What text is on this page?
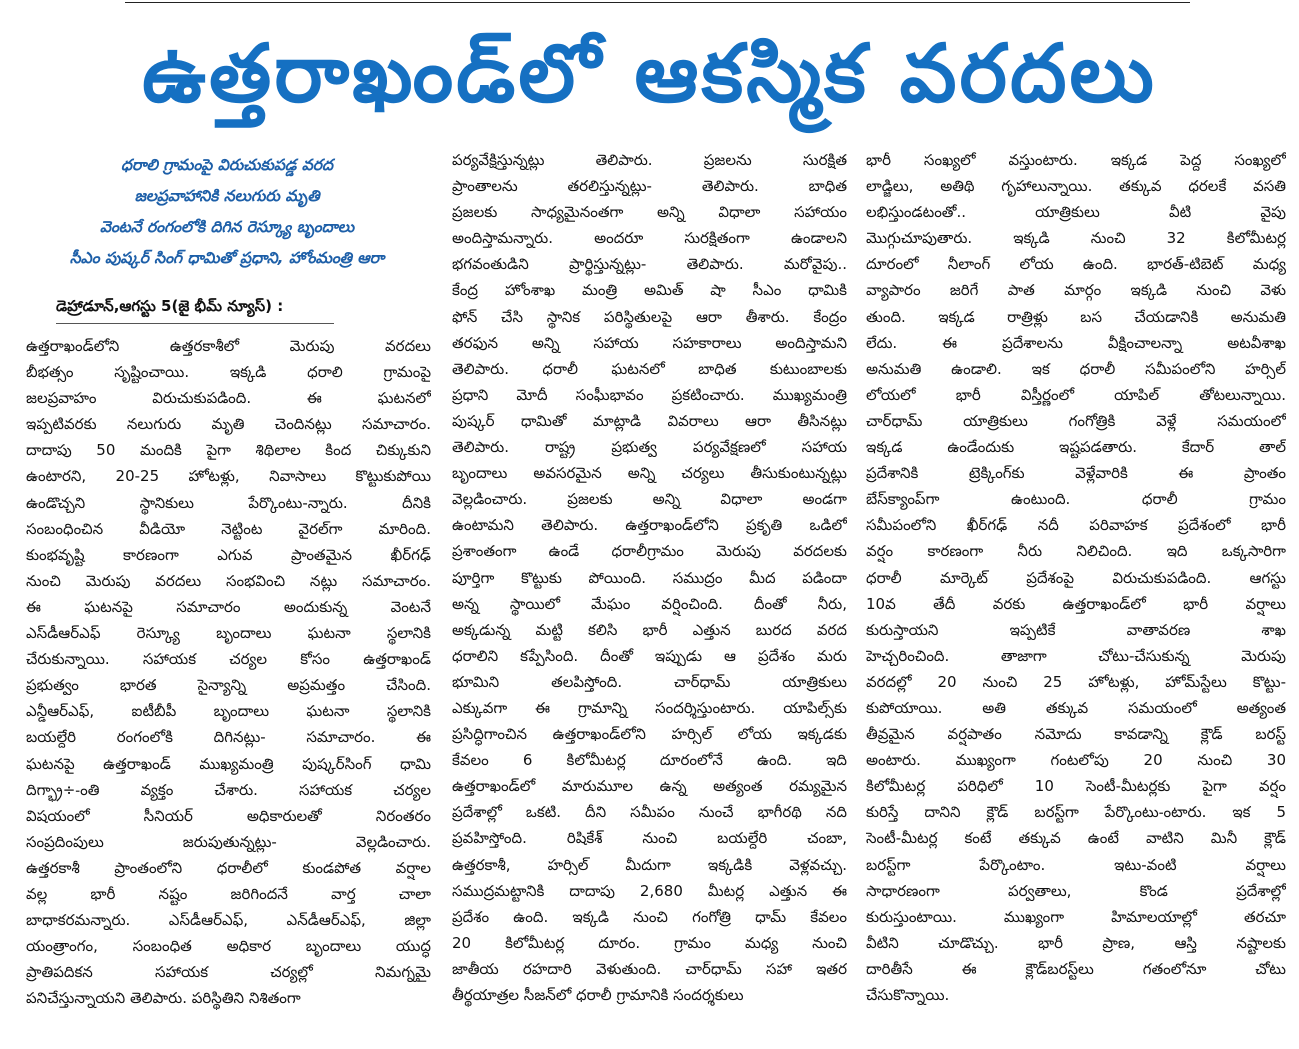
ఉత్తరాఖండ్‌లో ఆకస్మిక వరదలు
ధరాలి గ్రామంపై విరుచుకుపడ్డ వరద
జలప్రవాహానికి నలుగురు మృతి
వెంటనే రంగంలోకి దిగిన రెస్క్యూ బృందాలు
సీఎం పుష్కర్ సింగ్ ధామితో ప్రధాని, హోంమంత్రి ఆరా
డెహ్రాడూన్,ఆగస్టు 5(జై భీమ్ న్యూస్) :
ఉత్తరాఖండ్‌లోని ఉత్తరకాశీలో మెరుపు వరదలు
బీభత్సం సృష్టించాయి. ఇక్కడి ధరాలి గ్రామంపై
జలప్రవాహం విరుచుకుపడింది. ఈ ఘటనలో
ఇప్పటివరకు నలుగురు మృతి చెందినట్లు సమాచారం.
దాదాపు 50 మందికి పైగా శిథిలాల కింద చిక్కుకుని
ఉంటారని, 20-25 హోటళ్లు, నివాసాలు కొట్టుకుపోయి
ఉండొచ్చని స్థానికులు పేర్కొంటు-న్నారు. దీనికి
సంబంధించిన వీడియో నెట్టింట వైరల్‌గా మారింది.
కుంభవృష్టి కారణంగా ఎగువ ప్రాంతమైన ఖీర్‌గఢ్
నుంచి మెరుపు వరదలు సంభవించి నట్లు సమాచారం.
ఈ ఘటనపై సమాచారం అందుకున్న వెంటనే
ఎస్‌డీఆర్‌ఎఫ్ రెస్క్యూ బృందాలు ఘటనా స్థలానికి
చేరుకున్నాయి. సహాయక చర్యల కోసం ఉత్తరాఖండ్
ప్రభుత్వం భారత సైన్యాన్ని అప్రమత్తం చేసింది.
ఎన్డీఆర్‌ఎఫ్, ఐటీబీపీ బృందాలు ఘటనా స్థలానికి
బయల్దేరి రంగంలోకి దిగినట్లు- సమాచారం. ఈ
ఘటనపై ఉత్తరాఖండ్ ముఖ్యమంత్రి పుష్కర్‌సింగ్ ధామి
దిగ్భ్రా÷-ంతి వ్యక్తం చేశారు. సహాయక చర్యల
విషయంలో సీనియర్ అధికారులతో నిరంతరం
సంప్రదింపులు జరుపుతున్నట్లు- వెల్లడించారు.
ఉత్తరకాశీ ప్రాంతంలోని ధరాలీలో కుండపోత వర్షాల
వల్ల భారీ నష్టం జరిగిందనే వార్త చాలా
బాధాకరమన్నారు. ఎస్‌డీఆర్‌ఎఫ్, ఎన్‌డీఆర్‌ఎఫ్, జిల్లా
యంత్రాంగం, సంబంధిత అధికార బృందాలు యుద్ధ
ప్రాతిపదికన సహాయక చర్యల్లో నిమగ్నమై
పనిచేస్తున్నాయని తెలిపారు. పరిస్థితిని నిశితంగా
పర్యవేక్షిస్తున్నట్లు తెలిపారు. ప్రజలను సురక్షిత
ప్రాంతాలను తరలిస్తున్నట్లు- తెలిపారు. బాధిత
ప్రజలకు సాధ్యమైనంతగా అన్ని విధాలా సహాయం
అందిస్తామన్నారు. అందరూ సురక్షితంగా ఉండాలని
భగవంతుడిని ప్రార్థిస్తున్నట్లు- తెలిపారు. మరోవైపు..
కేంద్ర హోంశాఖ మంత్రి అమిత్ షా సీఎం ధామికి
ఫోన్ చేసి స్థానిక పరిస్థితులపై ఆరా తీశారు. కేంద్రం
తరఫున అన్ని సహాయ సహకారాలు అందిస్తామని
తెలిపారు. ధరాలీ ఘటనలో బాధిత కుటుంబాలకు
ప్రధాని మోదీ సంఘీభావం ప్రకటించారు. ముఖ్యమంత్రి
పుష్కర్ ధామితో మాట్లాడి వివరాలు ఆరా తీసినట్లు
తెలిపారు. రాష్ట్ర ప్రభుత్వ పర్యవేక్షణలో సహాయ
బృందాలు అవసరమైన అన్ని చర్యలు తీసుకుంటున్నట్లు
వెల్లడించారు. ప్రజలకు అన్ని విధాలా అండగా
ఉంటామని తెలిపారు. ఉత్తరాఖండ్‌లోని ప్రకృతి ఒడిలో
ప్రశాంతంగా ఉండే ధరాలీగ్రామం మెరుపు వరదలకు
పూర్తిగా కొట్టుకు పోయింది. సముద్రం మీద పడిందా
అన్న స్థాయిలో మేఘం వర్షించింది. దీంతో నీరు,
అక్కడున్న మట్టి కలిసి భారీ ఎత్తున బురద వరద
ధరాలిని కప్పేసింది. దీంతో ఇప్పుడు ఆ ప్రదేశం మరు
భూమిని తలపిస్తోంది. చార్‌ధామ్ యాత్రికులు
ఎక్కువగా ఈ గ్రామాన్ని సందర్శిస్తుంటారు. యాపిల్స్‌కు
ప్రసిద్ధిగాంచిన ఉత్తరాఖండ్‌లోని హర్సిల్ లోయ ఇక్కడకు
కేవలం 6 కిలోమీటర్ల దూరంలోనే ఉంది. ఇది
ఉత్తరాఖండ్‌లో మారుమూల ఉన్న అత్యంత రమ్యమైన
ప్రదేశాల్లో ఒకటి. దీని సమీపం నుంచే భాగీరథి నది
ప్రవహిస్తోంది. రిషికేశ్ నుంచి బయల్దేరి చంబా,
ఉత్తరకాశీ, హర్సిల్ మీదుగా ఇక్కడికి వెళ్లవచ్చు.
సముద్రమట్టానికి దాదాపు 2,680 మీటర్ల ఎత్తున ఈ
ప్రదేశం ఉంది. ఇక్కడి నుంచి గంగోత్రి ధామ్ కేవలం
20 కిలోమీటర్ల దూరం. గ్రామం మధ్య నుంచి
జాతీయ రహదారి వెళుతుంది. చార్‌ధామ్ సహా ఇతర
తీర్థయాత్రల సీజన్‌లో ధరాలీ గ్రామానికి సందర్శకులు
భారీ సంఖ్యలో వస్తుంటారు. ఇక్కడ పెద్ద సంఖ్యలో
లాడ్జిలు, అతిథి గృహాలున్నాయి. తక్కువ ధరలకే వసతి
లభిస్తుండటంతో.. యాత్రికులు వీటి వైపు
మొగ్గుచూపుతారు. ఇక్కడి నుంచి 32 కిలోమీటర్ల
దూరంలో నీలాంగ్ లోయ ఉంది. భారత్-టిబెట్ మధ్య
వ్యాపారం జరిగే పాత మార్గం ఇక్కడి నుంచి వెళు
తుంది. ఇక్కడ రాత్రిళ్లు బస చేయడానికి అనుమతి
లేదు. ఈ ప్రదేశాలను వీక్షించాలన్నా అటవీశాఖ
అనుమతి ఉండాలి. ఇక ధరాలీ సమీపంలోని హర్సిల్
లోయలో భారీ విస్తీర్ణంలో యాపిల్ తోటలున్నాయి.
చార్‌ధామ్ యాత్రికులు గంగోత్రికి వెళ్లే సమయంలో
ఇక్కడ ఉండేందుకు ఇష్టపడతారు. కేదార్ తాల్
ప్రదేశానికి ట్రెక్కింగ్‌కు వెళ్లేవారికి ఈ ప్రాంతం
బేస్‌క్యాంప్‌గా ఉంటుంది. ధరాలీ గ్రామం
సమీపంలోని ఖీర్‌గఢ్ నదీ పరివాహక ప్రదేశంలో భారీ
వర్షం కారణంగా నీరు నిలిచింది. ఇది ఒక్కసారిగా
ధరాలీ మార్కెట్ ప్రదేశంపై విరుచుకుపడింది. ఆగస్టు
10వ తేదీ వరకు ఉత్తరాఖండ్‌లో భారీ వర్షాలు
కురుస్తాయని ఇప్పటికే వాతావరణ శాఖ
హెచ్చరించింది. తాజాగా చోటు-చేసుకున్న మెరుపు
వరదల్లో 20 నుంచి 25 హోటళ్లు, హోమ్‌స్టేలు కొట్టు-
కుపోయాయి. అతి తక్కువ సమయంలో అత్యంత
తీవ్రమైన వర్షపాతం నమోదు కావడాన్ని క్లౌడ్ బరస్ట్
అంటారు. ముఖ్యంగా గంటలోపు 20 నుంచి 30
కిలోమీటర్ల పరిధిలో 10 సెంటీ-మీటర్లకు పైగా వర్షం
కురిస్తే దానిని క్లౌడ్ బరస్ట్‌గా పేర్కొంటు-ంటారు. ఇక 5
సెంటీ-మీటర్ల కంటే తక్కువ ఉంటే వాటిని మినీ క్లౌడ్
బరస్ట్‌గా పేర్కొంటాం. ఇటు-వంటి వర్షాలు
సాధారణంగా పర్వతాలు, కొండ ప్రదేశాల్లో
కురుస్తుంటాయి. ముఖ్యంగా హిమాలయాల్లో తరచూ
వీటిని చూడొచ్చు. భారీ ప్రాణ, ఆస్తి నష్టాలకు
దారితీసే ఈ క్లౌడ్‌బరస్ట్‌లు గతంలోనూ చోటు
చేసుకొన్నాయి.
